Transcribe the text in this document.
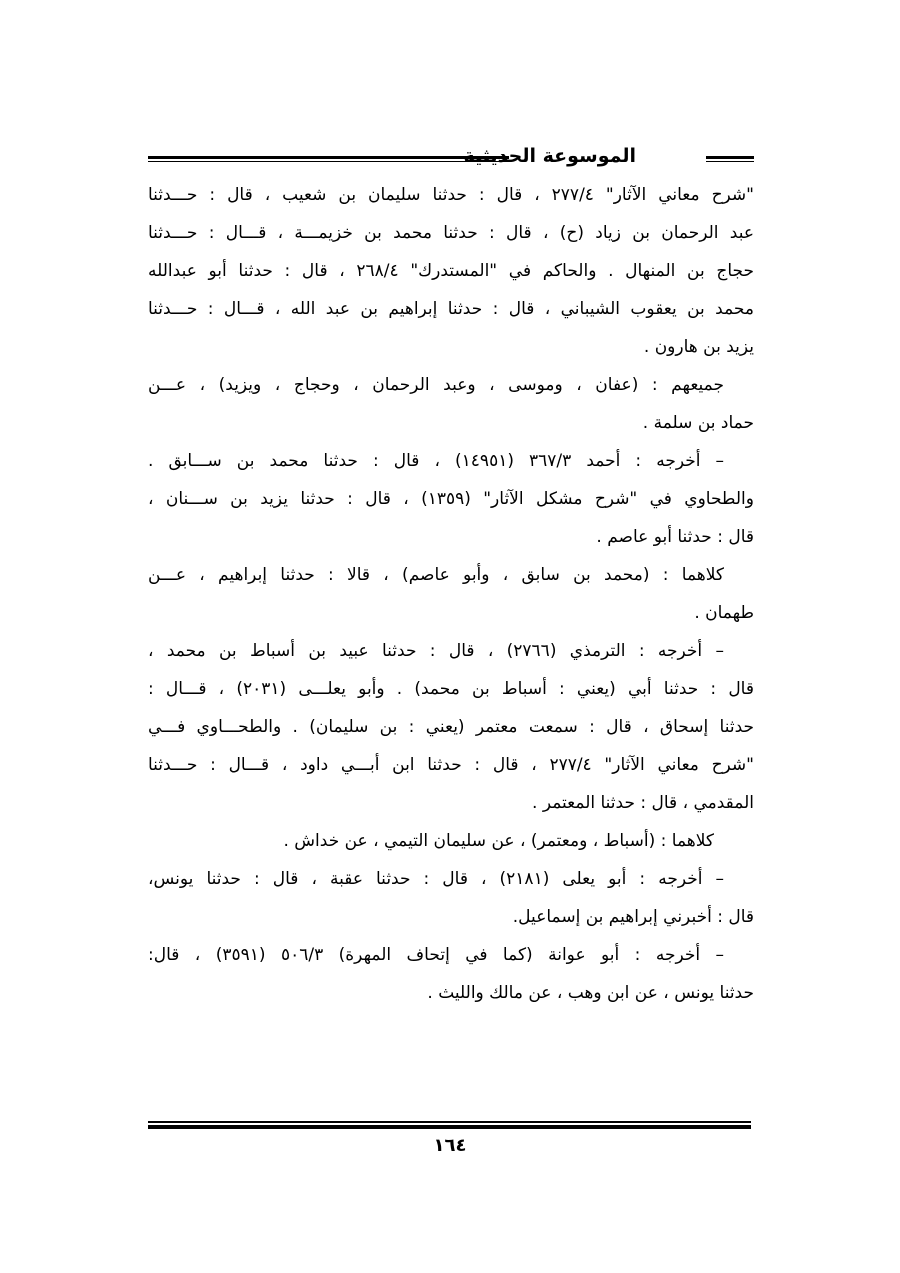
الموسوعة الحديثية
"شرح معاني الآثار" ٢٧٧/٤ ، قال : حدثنا سليمان بن شعيب ، قال : حـــدثنا
عبد الرحمان بن زياد (ح) ، قال : حدثنا محمد بن خزيمـــة ، قـــال : حـــدثنا
حجاج بن المنهال . والحاكم في "المستدرك" ٢٦٨/٤ ، قال : حدثنا أبو عبدالله
محمد بن يعقوب الشيباني ، قال : حدثنا إبراهيم بن عبد الله ، قـــال : حـــدثنا
يزيد بن هارون .
جميعهم : (عفان ، وموسى ، وعبد الرحمان ، وحجاج ، ويزيد) ، عـــن
حماد بن سلمة .
– أخرجه : أحمد ٣٦٧/٣ (١٤٩٥١) ، قال : حدثنا محمد بن ســـابق .
والطحاوي في "شرح مشكل الآثار" (١٣٥٩) ، قال : حدثنا يزيد بن ســـنان ،
قال : حدثنا أبو عاصم .
كلاهما : (محمد بن سابق ، وأبو عاصم) ، قالا : حدثنا إبراهيم ، عـــن
طهمان .
– أخرجه : الترمذي (٢٧٦٦) ، قال : حدثنا عبيد بن أسباط بن محمد ،
قال : حدثنا أبي (يعني : أسباط بن محمد) . وأبو يعلـــى (٢٠٣١) ، قـــال :
حدثنا إسحاق ، قال : سمعت معتمر (يعني : بن سليمان) . والطحـــاوي فـــي
"شرح معاني الآثار" ٢٧٧/٤ ، قال : حدثنا ابن أبـــي داود ، قـــال : حـــدثنا
المقدمي ، قال : حدثنا المعتمر .
كلاهما : (أسباط ، ومعتمر) ، عن سليمان التيمي ، عن خداش .
– أخرجه : أبو يعلى (٢١٨١) ، قال : حدثنا عقبة ، قال : حدثنا يونس،
قال : أخبرني إبراهيم بن إسماعيل.
– أخرجه : أبو عوانة (كما في إتحاف المهرة) ٥٠٦/٣ (٣٥٩١) ، قال:
حدثنا يونس ، عن ابن وهب ، عن مالك والليث .
١٦٤
